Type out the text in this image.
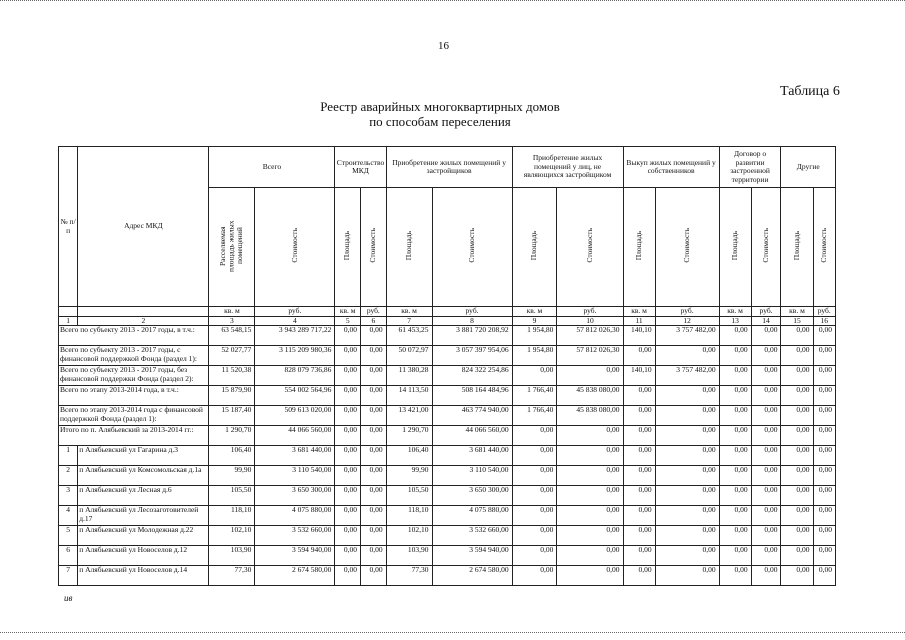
16
Таблица 6
Реестр аварийных многоквартирных домов
по способам переселения
№ п/п	Адрес МКД	Всего		Строительство МКД		Приобретение жилых помещений у застройщиков		Приобретение жилых помещений у лиц, не являющихся застройщиком		Выкуп жилых помещений у собственников		Договор о развитии застроенной территории		Другие	
		Расселяемая площадь жилых помещений	Стоимость	Площадь	Стоимость	Площадь	Стоимость	Площадь	Стоимость	Площадь	Стоимость	Площадь	Стоимость	Площадь	Стоимость
		кв. м	руб.	кв. м	руб.	кв. м	руб.	кв. м	руб.	кв. м	руб.	кв. м	руб.	кв. м	руб.
1	2	3	4	5	6	7	8	9	10	11	12	13	14	15	16
Всего по субъекту 2013 - 2017 годы, в т.ч.:		63 548,15	3 943 289 717,22	0,00	0,00	61 453,25	3 881 720 208,92	1 954,80	57 812 026,30	140,10	3 757 482,00	0,00	0,00	0,00	0,00
Всего по субъекту 2013 - 2017 годы, с финансовой поддержкой Фонда (раздел 1):		52 027,77	3 115 209 980,36	0,00	0,00	50 072,97	3 057 397 954,06	1 954,80	57 812 026,30	0,00	0,00	0,00	0,00	0,00	0,00
Всего по субъекту 2013 - 2017 годы, без финансовой поддержки Фонда (раздел 2):		11 520,38	828 079 736,86	0,00	0,00	11 380,28	824 322 254,86	0,00	0,00	140,10	3 757 482,00	0,00	0,00	0,00	0,00
Всего по этапу 2013-2014 года, в т.ч.:		15 879,90	554 002 564,96	0,00	0,00	14 113,50	508 164 484,96	1 766,40	45 838 080,00	0,00	0,00	0,00	0,00	0,00	0,00
Всего по этапу 2013-2014 года с финансовой поддержкой Фонда (раздел 1):		15 187,40	509 613 020,00	0,00	0,00	13 421,00	463 774 940,00	1 766,40	45 838 080,00	0,00	0,00	0,00	0,00	0,00	0,00
Итого по п. Алябьевский за 2013-2014 гг.:		1 290,70	44 066 560,00	0,00	0,00	1 290,70	44 066 560,00	0,00	0,00	0,00	0,00	0,00	0,00	0,00	0,00
1	п Алябьевский ул Гагарина д.3	106,40	3 681 440,00	0,00	0,00	106,40	3 681 440,00	0,00	0,00	0,00	0,00	0,00	0,00	0,00	0,00
2	п Алябьевский ул Комсомольская д.1а	99,90	3 110 540,00	0,00	0,00	99,90	3 110 540,00	0,00	0,00	0,00	0,00	0,00	0,00	0,00	0,00
3	п Алябьевский ул Лесная д.6	105,50	3 650 300,00	0,00	0,00	105,50	3 650 300,00	0,00	0,00	0,00	0,00	0,00	0,00	0,00	0,00
4	п Алябьевский ул Лесозаготовителей д.17	118,10	4 075 880,00	0,00	0,00	118,10	4 075 880,00	0,00	0,00	0,00	0,00	0,00	0,00	0,00	0,00
5	п Алябьевский ул Молодежная д.22	102,10	3 532 660,00	0,00	0,00	102,10	3 532 660,00	0,00	0,00	0,00	0,00	0,00	0,00	0,00	0,00
6	п Алябьевский ул Новоселов д.12	103,90	3 594 940,00	0,00	0,00	103,90	3 594 940,00	0,00	0,00	0,00	0,00	0,00	0,00	0,00	0,00
7	п Алябьевский ул Новоселов д.14	77,30	2 674 580,00	0,00	0,00	77,30	2 674 580,00	0,00	0,00	0,00	0,00	0,00	0,00	0,00	0,00
ив
